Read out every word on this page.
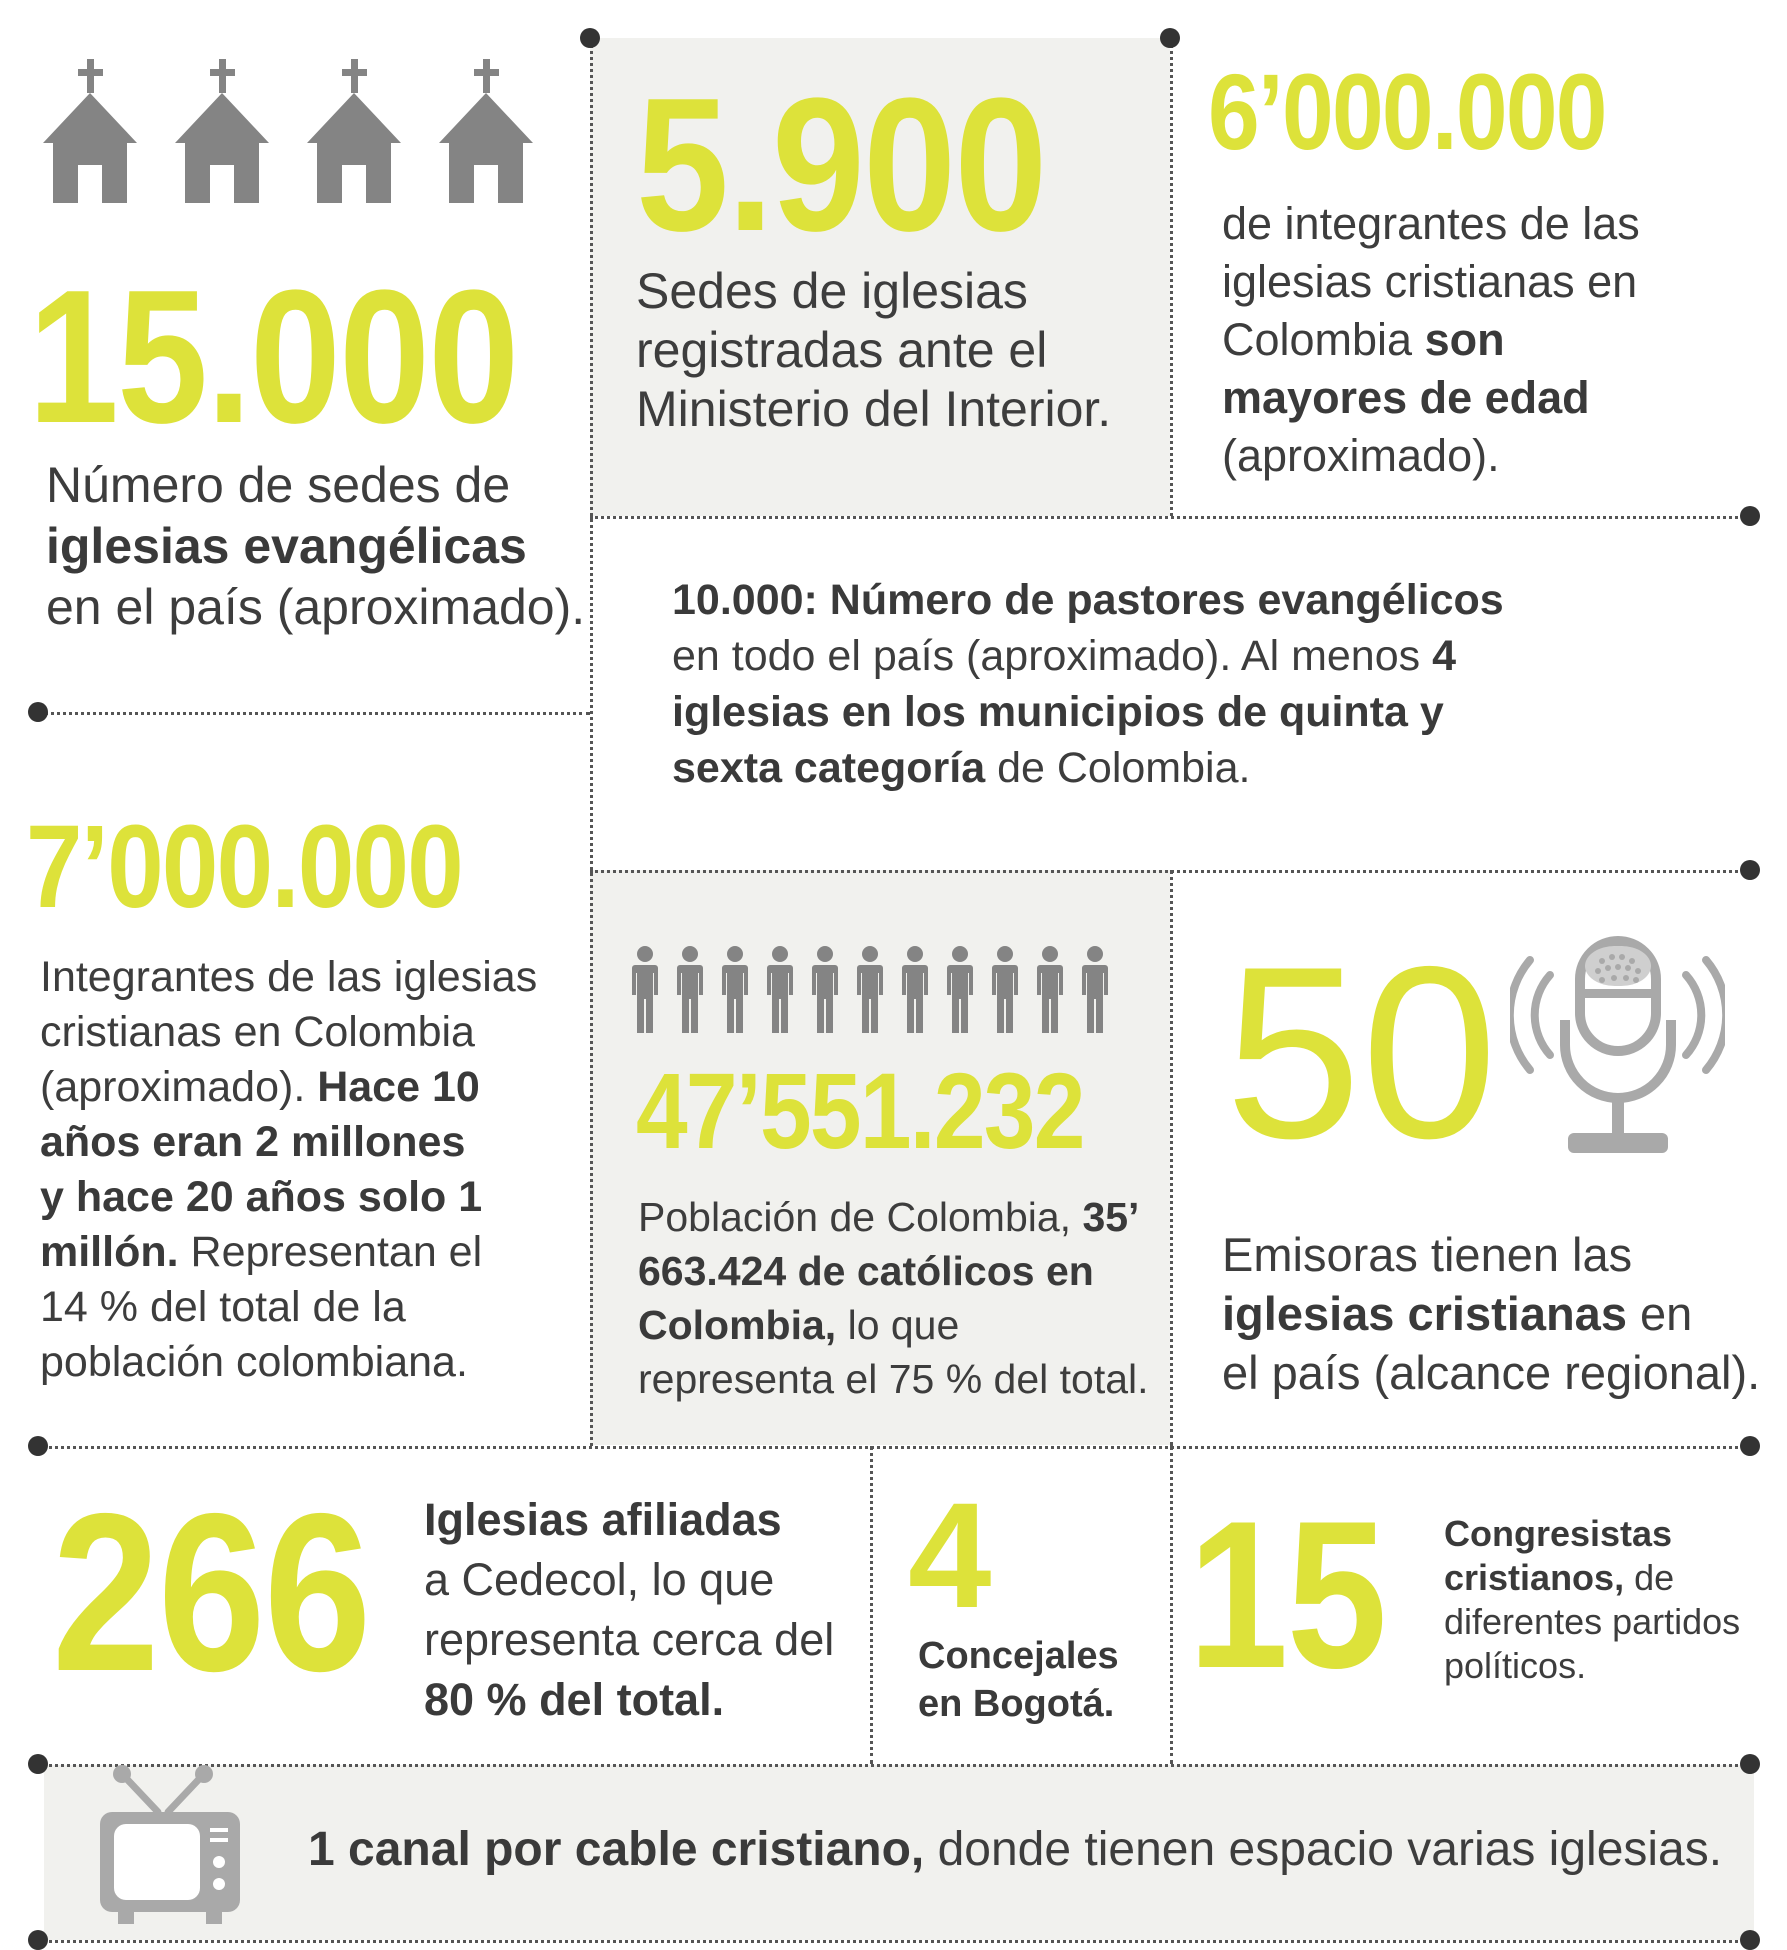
15.000
Número de sedes de
iglesias evangélicas
en el país (aproximado).
5.900
Sedes de iglesias
registradas ante el
Ministerio del Interior.
6’000.000
de integrantes de las
iglesias cristianas en
Colombia son
mayores de edad
(aproximado).
10.000: Número de pastores evangélicos
en todo el país (aproximado). Al menos 4
iglesias en los municipios de quinta y
sexta categoría de Colombia.
7’000.000
Integrantes de las iglesias
cristianas en Colombia
(aproximado). Hace 10
años eran 2 millones
y hace 20 años solo 1
millón. Representan el
14 % del total de la
población colombiana.
47’551.232
Población de Colombia, 35’
663.424 de católicos en
Colombia, lo que
representa el 75 % del total.
50
Emisoras tienen las
iglesias cristianas en
el país (alcance regional).
266 Iglesias afiliadas
a Cedecol, lo que
representa cerca del
80 % del total.
4
Concejales
en Bogotá. 15 Congresistas
cristianos, de
diferentes partidos
políticos.
1 canal por cable cristiano, donde tienen espacio varias iglesias.
